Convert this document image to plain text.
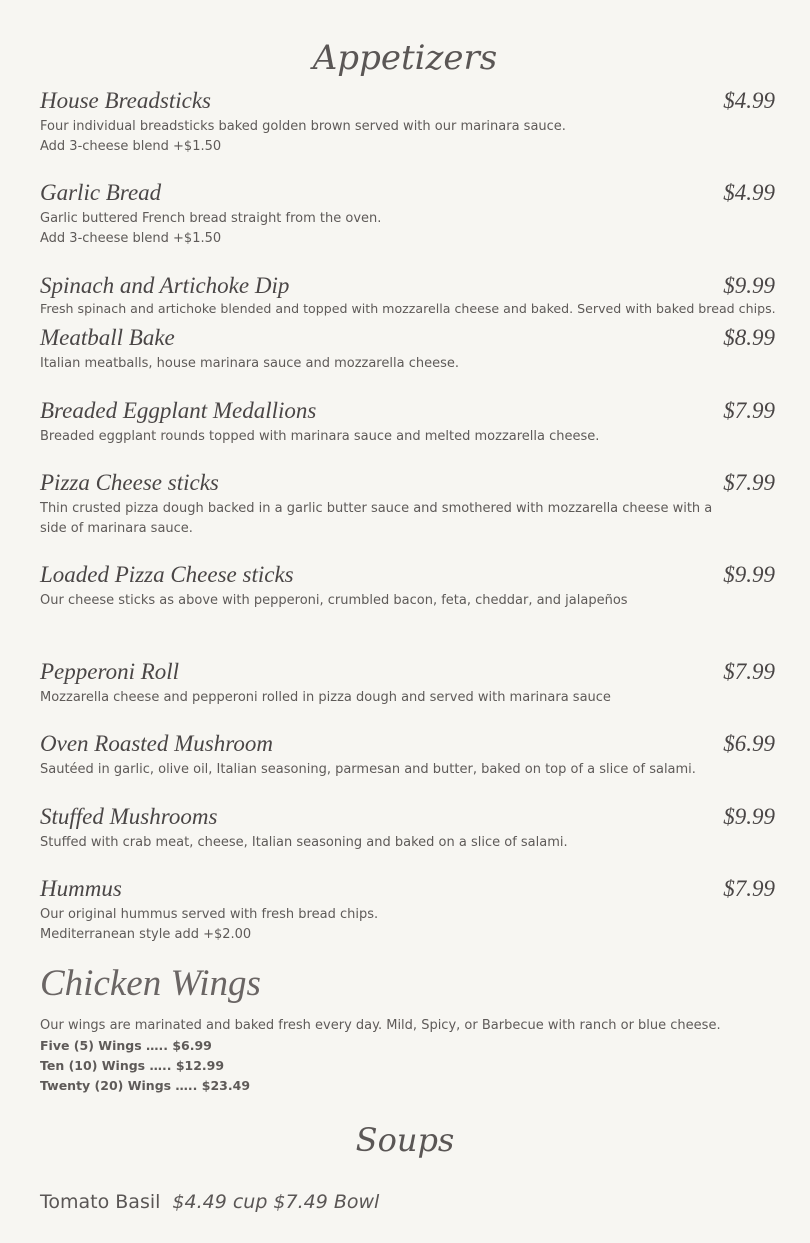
Appetizers
House Breadsticks	$4.99
Four individual breadsticks baked golden brown served with our marinara sauce.
Add 3-cheese blend +$1.50
Garlic Bread	$4.99
Garlic buttered French bread straight from the oven.
Add 3-cheese blend +$1.50
Spinach and Artichoke Dip	$9.99
Fresh spinach and artichoke blended and topped with mozzarella cheese and baked. Served with baked bread chips.
Meatball Bake	$8.99
Italian meatballs, house marinara sauce and mozzarella cheese.
Breaded Eggplant Medallions	$7.99
Breaded eggplant rounds topped with marinara sauce and melted mozzarella cheese.
Pizza Cheese sticks	$7.99
Thin crusted pizza dough backed in a garlic butter sauce and smothered with mozzarella cheese with a side of marinara sauce.
Loaded Pizza Cheese sticks	$9.99
Our cheese sticks as above with pepperoni, crumbled bacon, feta, cheddar, and jalapeños
Pepperoni Roll	$7.99
Mozzarella cheese and pepperoni rolled in pizza dough and served with marinara sauce
Oven Roasted Mushroom	$6.99
Sautéed in garlic, olive oil, Italian seasoning, parmesan and butter, baked on top of a slice of salami.
Stuffed Mushrooms	$9.99
Stuffed with crab meat, cheese, Italian seasoning and baked on a slice of salami.
Hummus	$7.99
Our original hummus served with fresh bread chips.
Mediterranean style add +$2.00
Chicken Wings
Our wings are marinated and baked fresh every day. Mild, Spicy, or Barbecue with ranch or blue cheese.
Five (5) Wings ….. $6.99
Ten (10) Wings ….. $12.99
Twenty (20) Wings ….. $23.49
Soups
Tomato Basil $4.49 cup $7.49 Bowl
